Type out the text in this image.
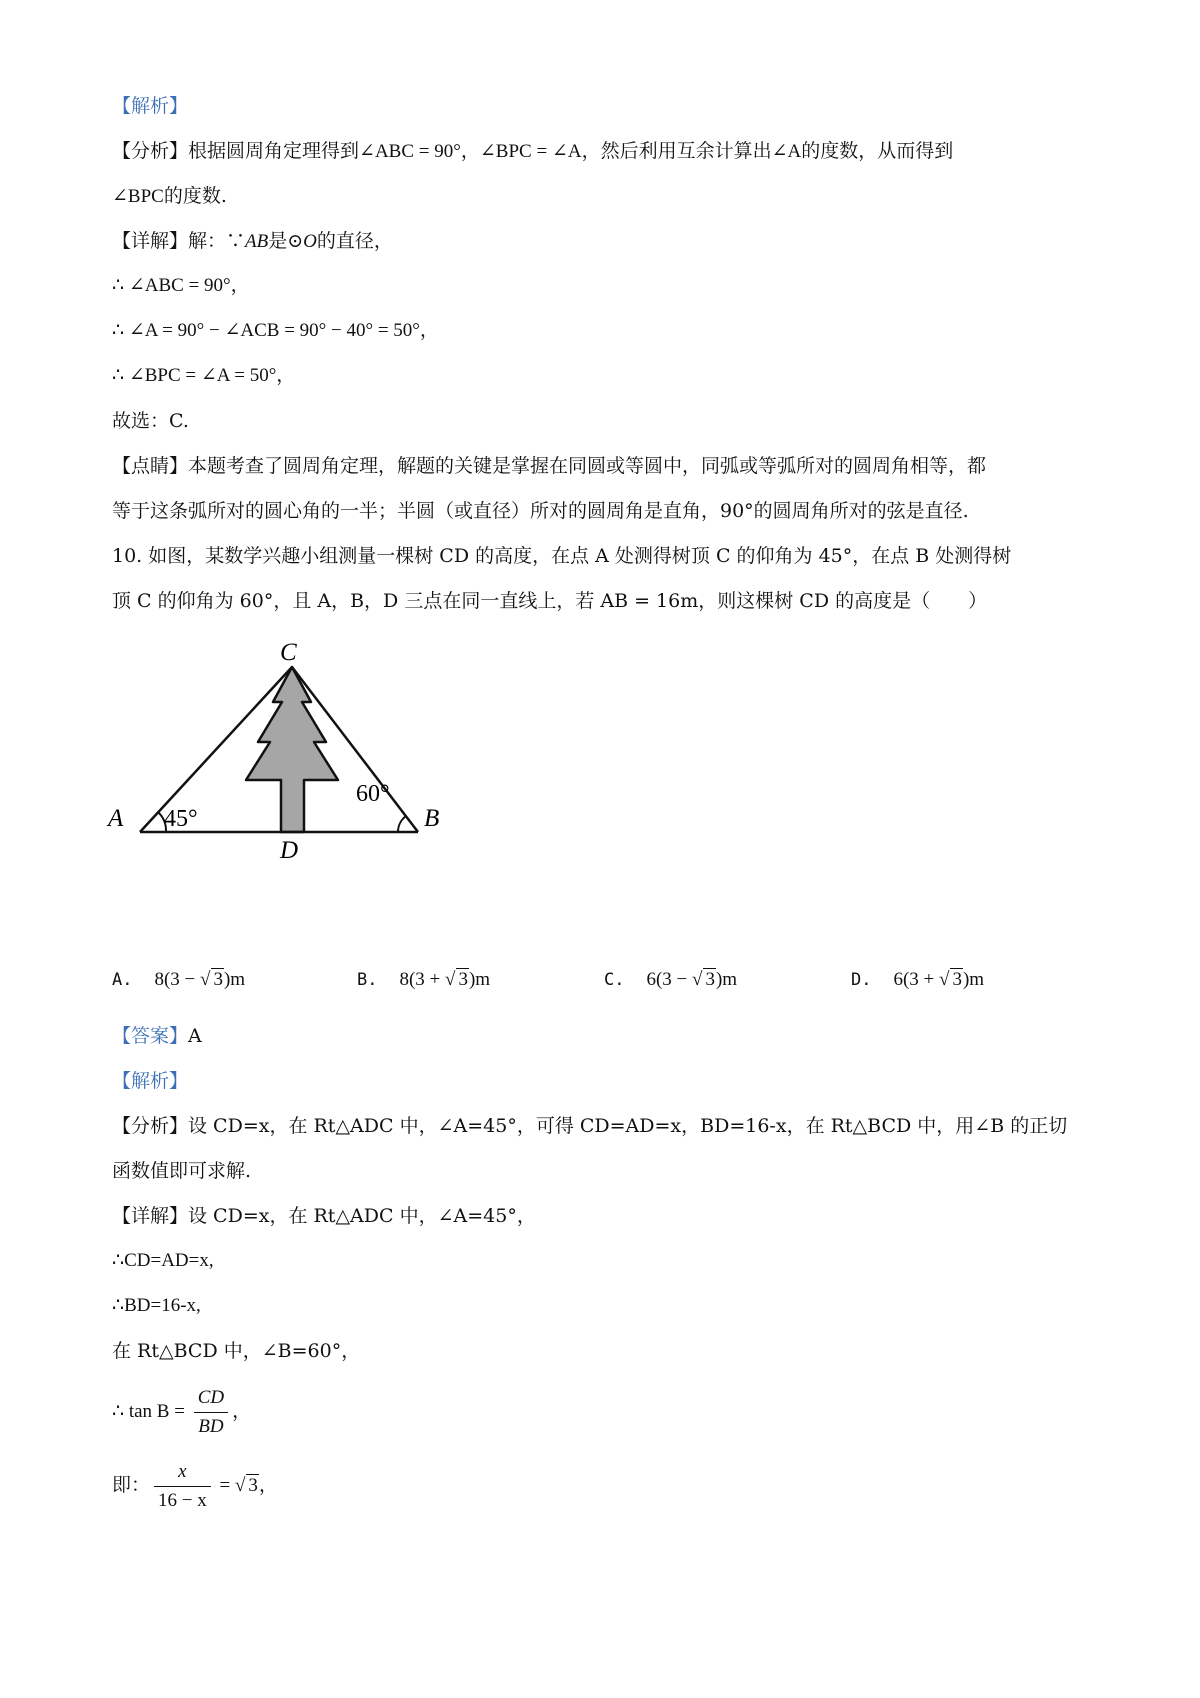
【解析】
【分析】根据圆周角定理得到∠ABC = 90°，∠BPC = ∠A，然后利用互余计算出∠A的度数，从而得到
∠BPC的度数.
【详解】解：∵AB是⊙O的直径，
∴ ∠ABC = 90°，
∴ ∠A = 90° − ∠ACB = 90° − 40° = 50°，
∴ ∠BPC = ∠A = 50°，
故选：C.
【点睛】本题考查了圆周角定理，解题的关键是掌握在同圆或等圆中，同弧或等弧所对的圆周角相等，都
等于这条弧所对的圆心角的一半；半圆（或直径）所对的圆周角是直角，90°的圆周角所对的弦是直径.
10. 如图，某数学兴趣小组测量一棵树 CD 的高度，在点 A 处测得树顶 C 的仰角为 45°，在点 B 处测得树
顶 C 的仰角为 60°，且 A，B，D 三点在同一直线上，若 AB = 16m，则这棵树 CD 的高度是（　　）
C
A	B
D
45°
60°
A. 8(3 − √ 3)m	B. 8(3 + √ 3)m	C. 6(3 − √ 3)m	D. 6(3 + √ 3)m
【答案】A
【解析】
【分析】设 CD=x，在 Rt△ADC 中，∠A=45°，可得 CD=AD=x，BD=16-x，在 Rt△BCD 中，用∠B 的正切
函数值即可求解.
【详解】设 CD=x，在 Rt△ADC 中，∠A=45°，
∴CD=AD=x,
∴BD=16-x,
在 Rt△BCD 中，∠B=60°，
∴ $\tan B = \frac{CD}{BD}$ ，
即： $\frac{x}{16 - x}$ = √ 3，
